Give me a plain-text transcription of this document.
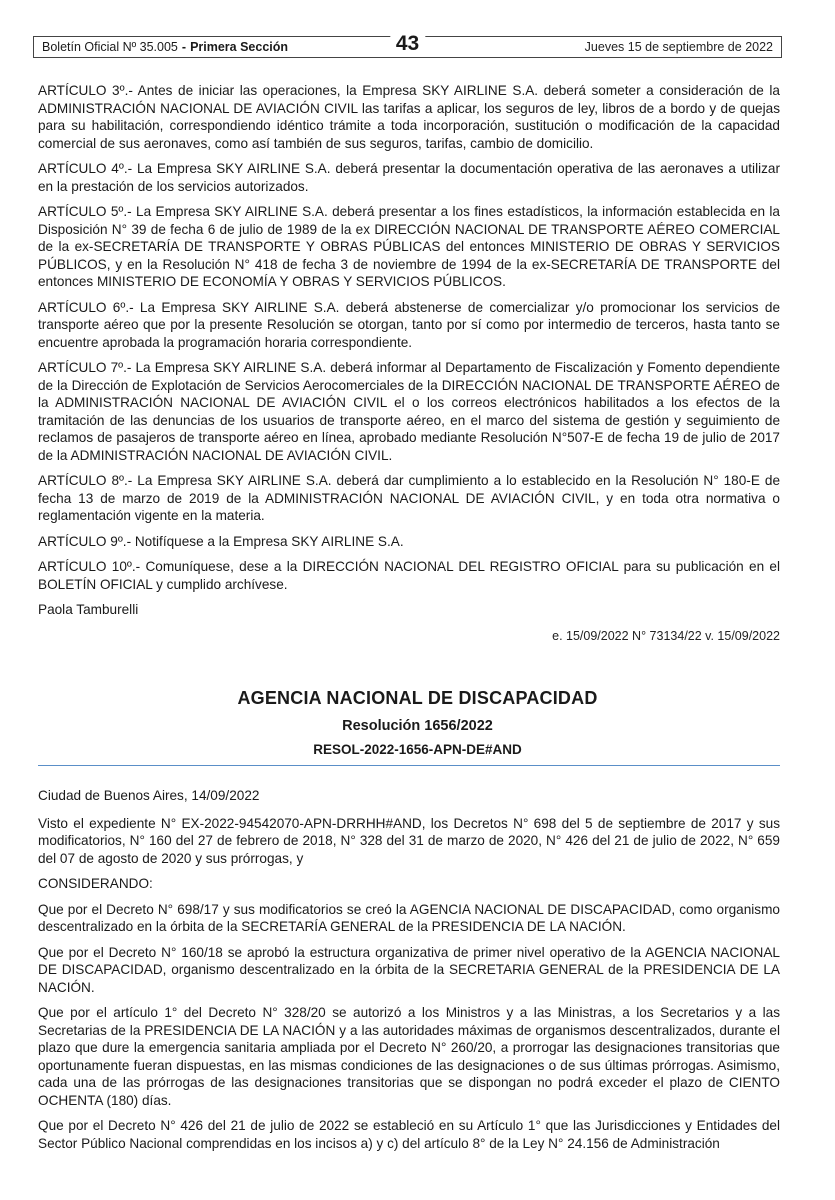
Boletín Oficial Nº 35.005 - Primera Sección	43	Jueves 15 de septiembre de 2022

ARTÍCULO 3º.- Antes de iniciar las operaciones, la Empresa SKY AIRLINE S.A. deberá someter a consideración de la ADMINISTRACIÓN NACIONAL DE AVIACIÓN CIVIL las tarifas a aplicar, los seguros de ley, libros de a bordo y de quejas para su habilitación, correspondiendo idéntico trámite a toda incorporación, sustitución o modificación de la capacidad comercial de sus aeronaves, como así también de sus seguros, tarifas, cambio de domicilio.

ARTÍCULO 4º.- La Empresa SKY AIRLINE S.A. deberá presentar la documentación operativa de las aeronaves a utilizar en la prestación de los servicios autorizados.

ARTÍCULO 5º.- La Empresa SKY AIRLINE S.A. deberá presentar a los fines estadísticos, la información establecida en la Disposición N° 39 de fecha 6 de julio de 1989 de la ex DIRECCIÓN NACIONAL DE TRANSPORTE AÉREO COMERCIAL de la ex-SECRETARÍA DE TRANSPORTE Y OBRAS PÚBLICAS del entonces MINISTERIO DE OBRAS Y SERVICIOS PÚBLICOS, y en la Resolución N° 418 de fecha 3 de noviembre de 1994 de la ex-SECRETARÍA DE TRANSPORTE del entonces MINISTERIO DE ECONOMÍA Y OBRAS Y SERVICIOS PÚBLICOS.

ARTÍCULO 6º.- La Empresa SKY AIRLINE S.A. deberá abstenerse de comercializar y/o promocionar los servicios de transporte aéreo que por la presente Resolución se otorgan, tanto por sí como por intermedio de terceros, hasta tanto se encuentre aprobada la programación horaria correspondiente.

ARTÍCULO 7º.- La Empresa SKY AIRLINE S.A. deberá informar al Departamento de Fiscalización y Fomento dependiente de la Dirección de Explotación de Servicios Aerocomerciales de la DIRECCIÓN NACIONAL DE TRANSPORTE AÉREO de la ADMINISTRACIÓN NACIONAL DE AVIACIÓN CIVIL el o los correos electrónicos habilitados a los efectos de la tramitación de las denuncias de los usuarios de transporte aéreo, en el marco del sistema de gestión y seguimiento de reclamos de pasajeros de transporte aéreo en línea, aprobado mediante Resolución N°507-E de fecha 19 de julio de 2017 de la ADMINISTRACIÓN NACIONAL DE AVIACIÓN CIVIL.

ARTÍCULO 8º.- La Empresa SKY AIRLINE S.A. deberá dar cumplimiento a lo establecido en la Resolución N° 180-E de fecha 13 de marzo de 2019 de la ADMINISTRACIÓN NACIONAL DE AVIACIÓN CIVIL, y en toda otra normativa o reglamentación vigente en la materia.

ARTÍCULO 9º.- Notifíquese a la Empresa SKY AIRLINE S.A.

ARTÍCULO 10º.- Comuníquese, dese a la DIRECCIÓN NACIONAL DEL REGISTRO OFICIAL para su publicación en el BOLETÍN OFICIAL y cumplido archívese.

Paola Tamburelli

e. 15/09/2022 N° 73134/22 v. 15/09/2022

AGENCIA NACIONAL DE DISCAPACIDAD
Resolución 1656/2022
RESOL-2022-1656-APN-DE#AND

Ciudad de Buenos Aires, 14/09/2022

Visto el expediente N° EX-2022-94542070-APN-DRRHH#AND, los Decretos N° 698 del 5 de septiembre de 2017 y sus modificatorios, N° 160 del 27 de febrero de 2018, N° 328 del 31 de marzo de 2020, N° 426 del 21 de julio de 2022, N° 659 del 07 de agosto de 2020 y sus prórrogas, y

CONSIDERANDO:

Que por el Decreto N° 698/17 y sus modificatorios se creó la AGENCIA NACIONAL DE DISCAPACIDAD, como organismo descentralizado en la órbita de la SECRETARÍA GENERAL de la PRESIDENCIA DE LA NACIÓN.

Que por el Decreto N° 160/18 se aprobó la estructura organizativa de primer nivel operativo de la AGENCIA NACIONAL DE DISCAPACIDAD, organismo descentralizado en la órbita de la SECRETARIA GENERAL de la PRESIDENCIA DE LA NACIÓN.

Que por el artículo 1° del Decreto N° 328/20 se autorizó a los Ministros y a las Ministras, a los Secretarios y a las Secretarias de la PRESIDENCIA DE LA NACIÓN y a las autoridades máximas de organismos descentralizados, durante el plazo que dure la emergencia sanitaria ampliada por el Decreto N° 260/20, a prorrogar las designaciones transitorias que oportunamente fueran dispuestas, en las mismas condiciones de las designaciones o de sus últimas prórrogas. Asimismo, cada una de las prórrogas de las designaciones transitorias que se dispongan no podrá exceder el plazo de CIENTO OCHENTA (180) días.

Que por el Decreto N° 426 del 21 de julio de 2022 se estableció en su Artículo 1° que las Jurisdicciones y Entidades del Sector Público Nacional comprendidas en los incisos a) y c) del artículo 8° de la Ley N° 24.156 de Administración
